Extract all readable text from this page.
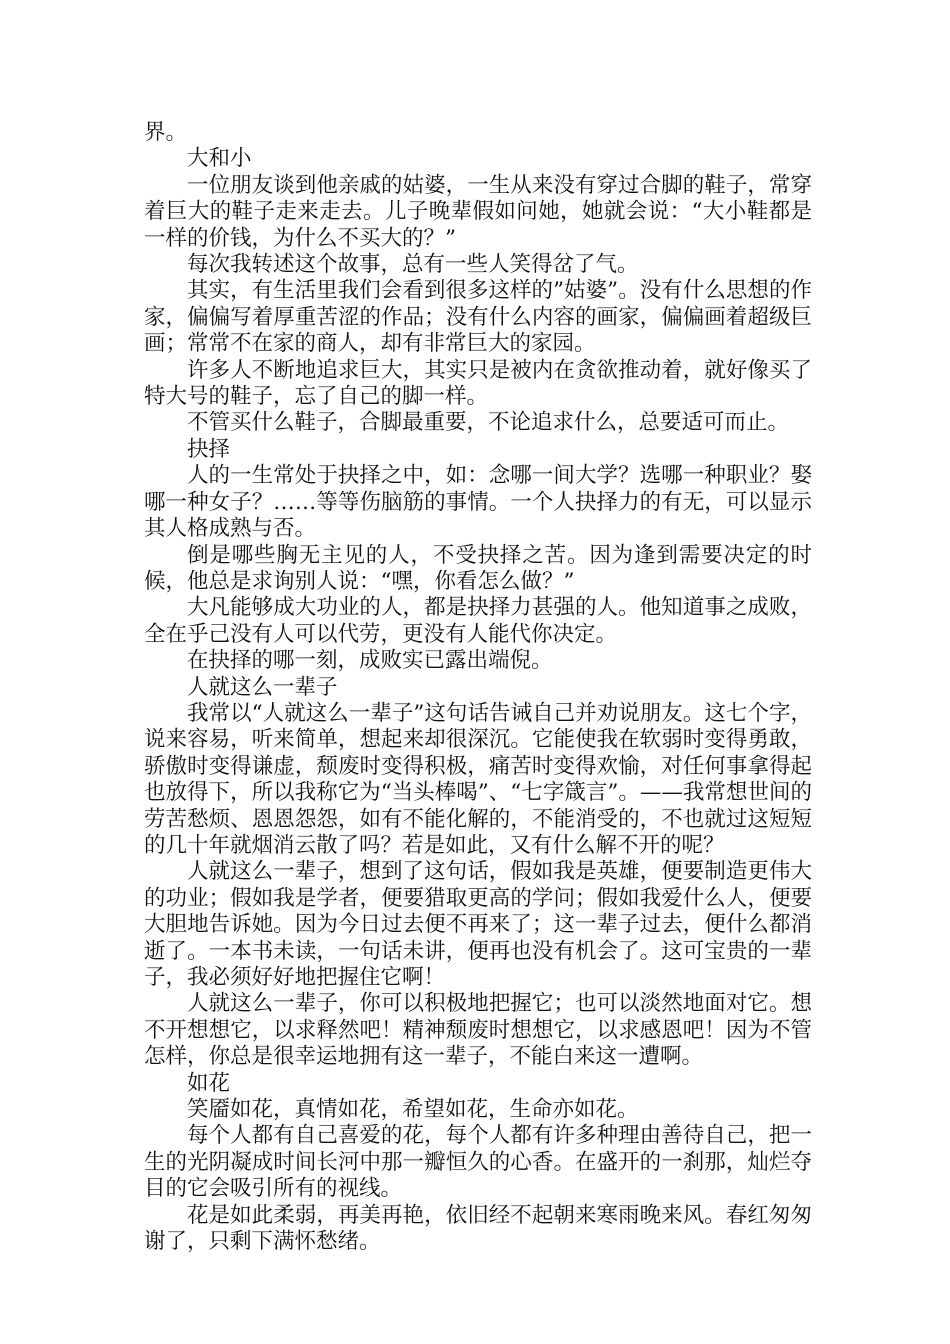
界。

大和小

一位朋友谈到他亲戚的姑婆，一生从来没有穿过合脚的鞋子，常穿着巨大的鞋子走来走去。儿子晚辈假如问她，她就会说：“大小鞋都是一样的价钱，为什么不买大的？”

每次我转述这个故事，总有一些人笑得岔了气。

其实，有生活里我们会看到很多这样的”姑婆”。没有什么思想的作家，偏偏写着厚重苦涩的作品；没有什么内容的画家，偏偏画着超级巨画；常常不在家的商人，却有非常巨大的家园。

许多人不断地追求巨大，其实只是被内在贪欲推动着，就好像买了特大号的鞋子，忘了自己的脚一样。

不管买什么鞋子，合脚最重要，不论追求什么，总要适可而止。

抉择

人的一生常处于抉择之中，如：念哪一间大学？选哪一种职业？娶哪一种女子？……等等伤脑筋的事情。一个人抉择力的有无，可以显示其人格成熟与否。

倒是哪些胸无主见的人，不受抉择之苦。因为逢到需要决定的时候，他总是求询别人说：“嘿，你看怎么做？”

大凡能够成大功业的人，都是抉择力甚强的人。他知道事之成败，全在乎己没有人可以代劳，更没有人能代你决定。

在抉择的哪一刻，成败实已露出端倪。

人就这么一辈子

我常以“人就这么一辈子”这句话告诫自己并劝说朋友。这七个字，说来容易，听来简单，想起来却很深沉。它能使我在软弱时变得勇敢，骄傲时变得谦虚，颓废时变得积极，痛苦时变得欢愉，对任何事拿得起也放得下，所以我称它为“当头棒喝”、“七字箴言”。——我常想世间的劳苦愁烦、恩恩怨怨，如有不能化解的，不能消受的，不也就过这短短的几十年就烟消云散了吗？若是如此，又有什么解不开的呢？

人就这么一辈子，想到了这句话，假如我是英雄，便要制造更伟大的功业；假如我是学者，便要猎取更高的学问；假如我爱什么人，便要大胆地告诉她。因为今日过去便不再来了；这一辈子过去，便什么都消逝了。一本书未读，一句话未讲，便再也没有机会了。这可宝贵的一辈子，我必须好好地把握住它啊！

人就这么一辈子，你可以积极地把握它；也可以淡然地面对它。想不开想想它，以求释然吧！精神颓废时想想它，以求感恩吧！因为不管怎样，你总是很幸运地拥有这一辈子，不能白来这一遭啊。

如花

笑靥如花，真情如花，希望如花，生命亦如花。

每个人都有自己喜爱的花，每个人都有许多种理由善待自己，把一生的光阴凝成时间长河中那一瓣恒久的心香。在盛开的一刹那，灿烂夺目的它会吸引所有的视线。

花是如此柔弱，再美再艳，依旧经不起朝来寒雨晚来风。春红匆匆谢了，只剩下满怀愁绪。
